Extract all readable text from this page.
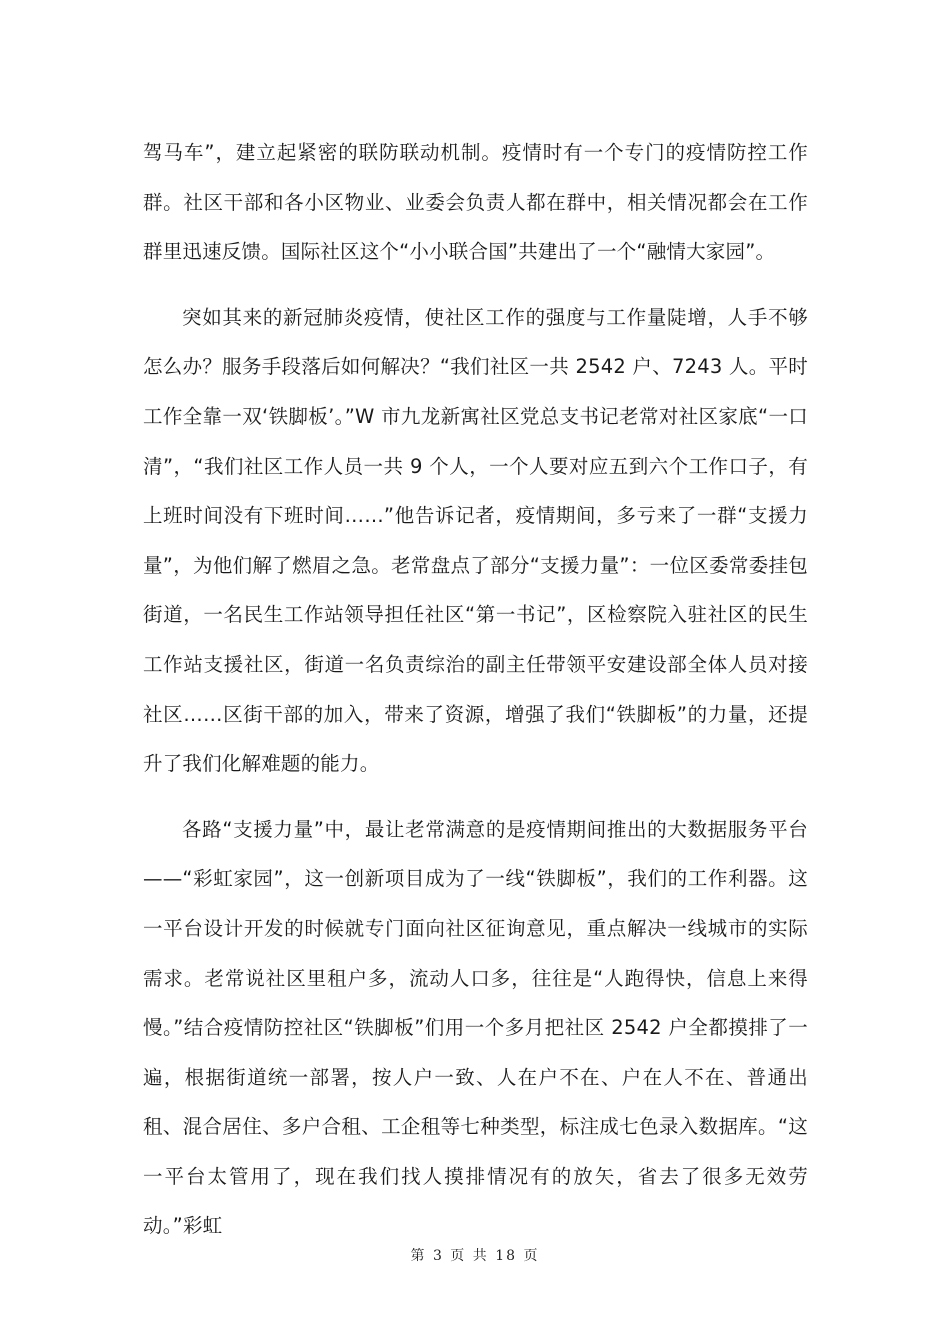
驾马车”，建立起紧密的联防联动机制。疫情时有一个专门的疫情防控工作群。社区干部和各小区物业、业委会负责人都在群中，相关情况都会在工作群里迅速反馈。国际社区这个“小小联合国”共建出了一个“融情大家园”。

突如其来的新冠肺炎疫情，使社区工作的强度与工作量陡增，人手不够怎么办？服务手段落后如何解决？“我们社区一共 2542 户、7243 人。平时工作全靠一双‘铁脚板’。”W 市九龙新寓社区党总支书记老常对社区家底“一口清”，“我们社区工作人员一共 9 个人，一个人要对应五到六个工作口子，有上班时间没有下班时间……”他告诉记者，疫情期间，多亏来了一群“支援力量”，为他们解了燃眉之急。老常盘点了部分“支援力量”：一位区委常委挂包街道，一名民生工作站领导担任社区“第一书记”，区检察院入驻社区的民生工作站支援社区，街道一名负责综治的副主任带领平安建设部全体人员对接社区……区街干部的加入，带来了资源，增强了我们“铁脚板”的力量，还提升了我们化解难题的能力。

各路“支援力量”中，最让老常满意的是疫情期间推出的大数据服务平台——“彩虹家园”，这一创新项目成为了一线“铁脚板”，我们的工作利器。这一平台设计开发的时候就专门面向社区征询意见，重点解决一线城市的实际需求。老常说社区里租户多，流动人口多，往往是“人跑得快，信息上来得慢。”结合疫情防控社区“铁脚板”们用一个多月把社区 2542 户全都摸排了一遍，根据街道统一部署，按人户一致、人在户不在、户在人不在、普通出租、混合居住、多户合租、工企租等七种类型，标注成七色录入数据库。“这一平台太管用了，现在我们找人摸排情况有的放矢，省去了很多无效劳动。”彩虹

第 3 页 共 18 页
